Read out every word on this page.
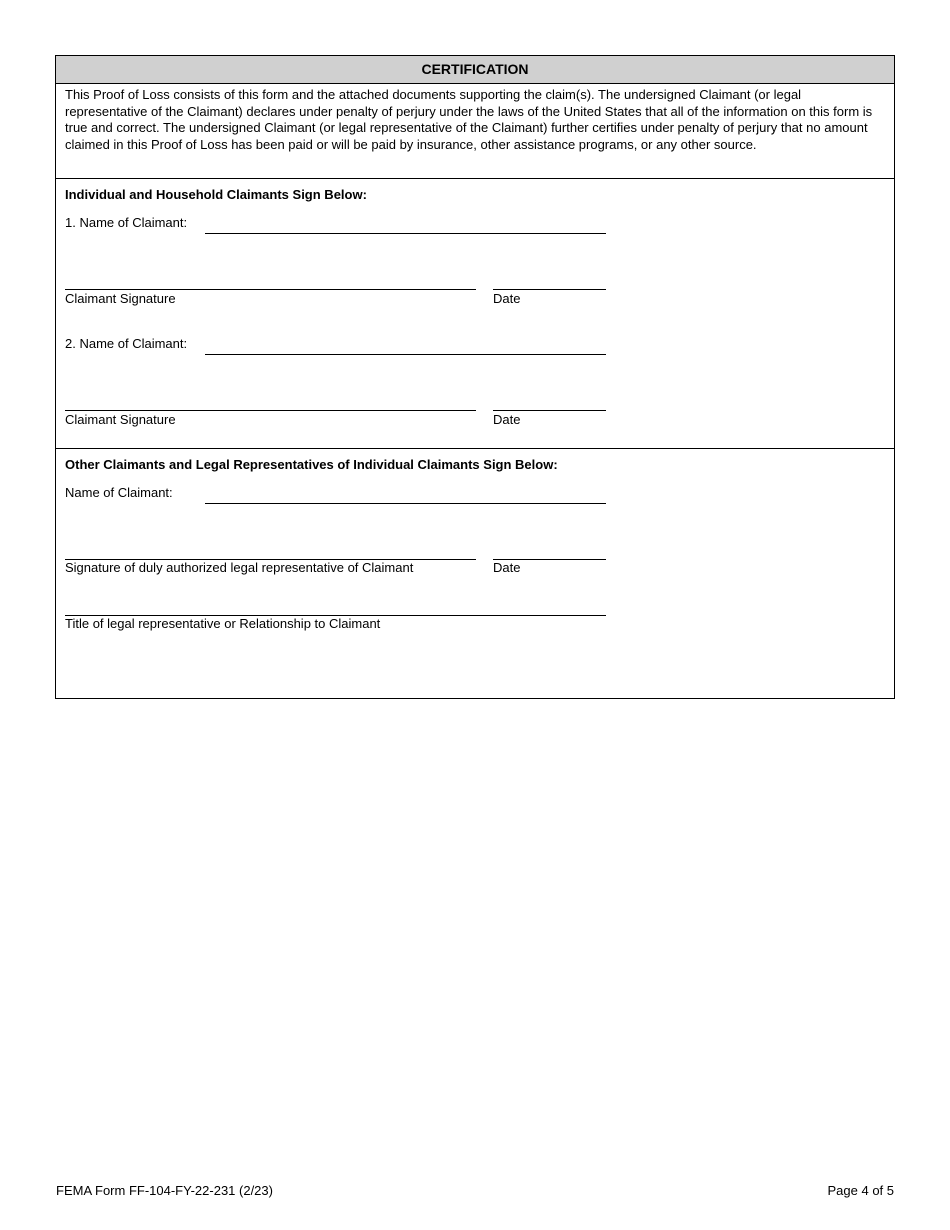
CERTIFICATION
This Proof of Loss consists of this form and the attached documents supporting the claim(s). The undersigned Claimant (or legal representative of the Claimant) declares under penalty of perjury under the laws of the United States that all of the information on this form is true and correct. The undersigned Claimant (or legal representative of the Claimant) further certifies under penalty of perjury that no amount claimed in this Proof of Loss has been paid or will be paid by insurance, other assistance programs, or any other source.
Individual and Household Claimants Sign Below:
1. Name of Claimant:
Claimant Signature	Date
2. Name of Claimant:
Claimant Signature	Date
Other Claimants and Legal Representatives of Individual Claimants Sign Below:
Name of Claimant:
Signature of duly authorized legal representative of Claimant	Date
Title of legal representative or Relationship to Claimant
FEMA Form FF-104-FY-22-231 (2/23)	Page 4 of 5
